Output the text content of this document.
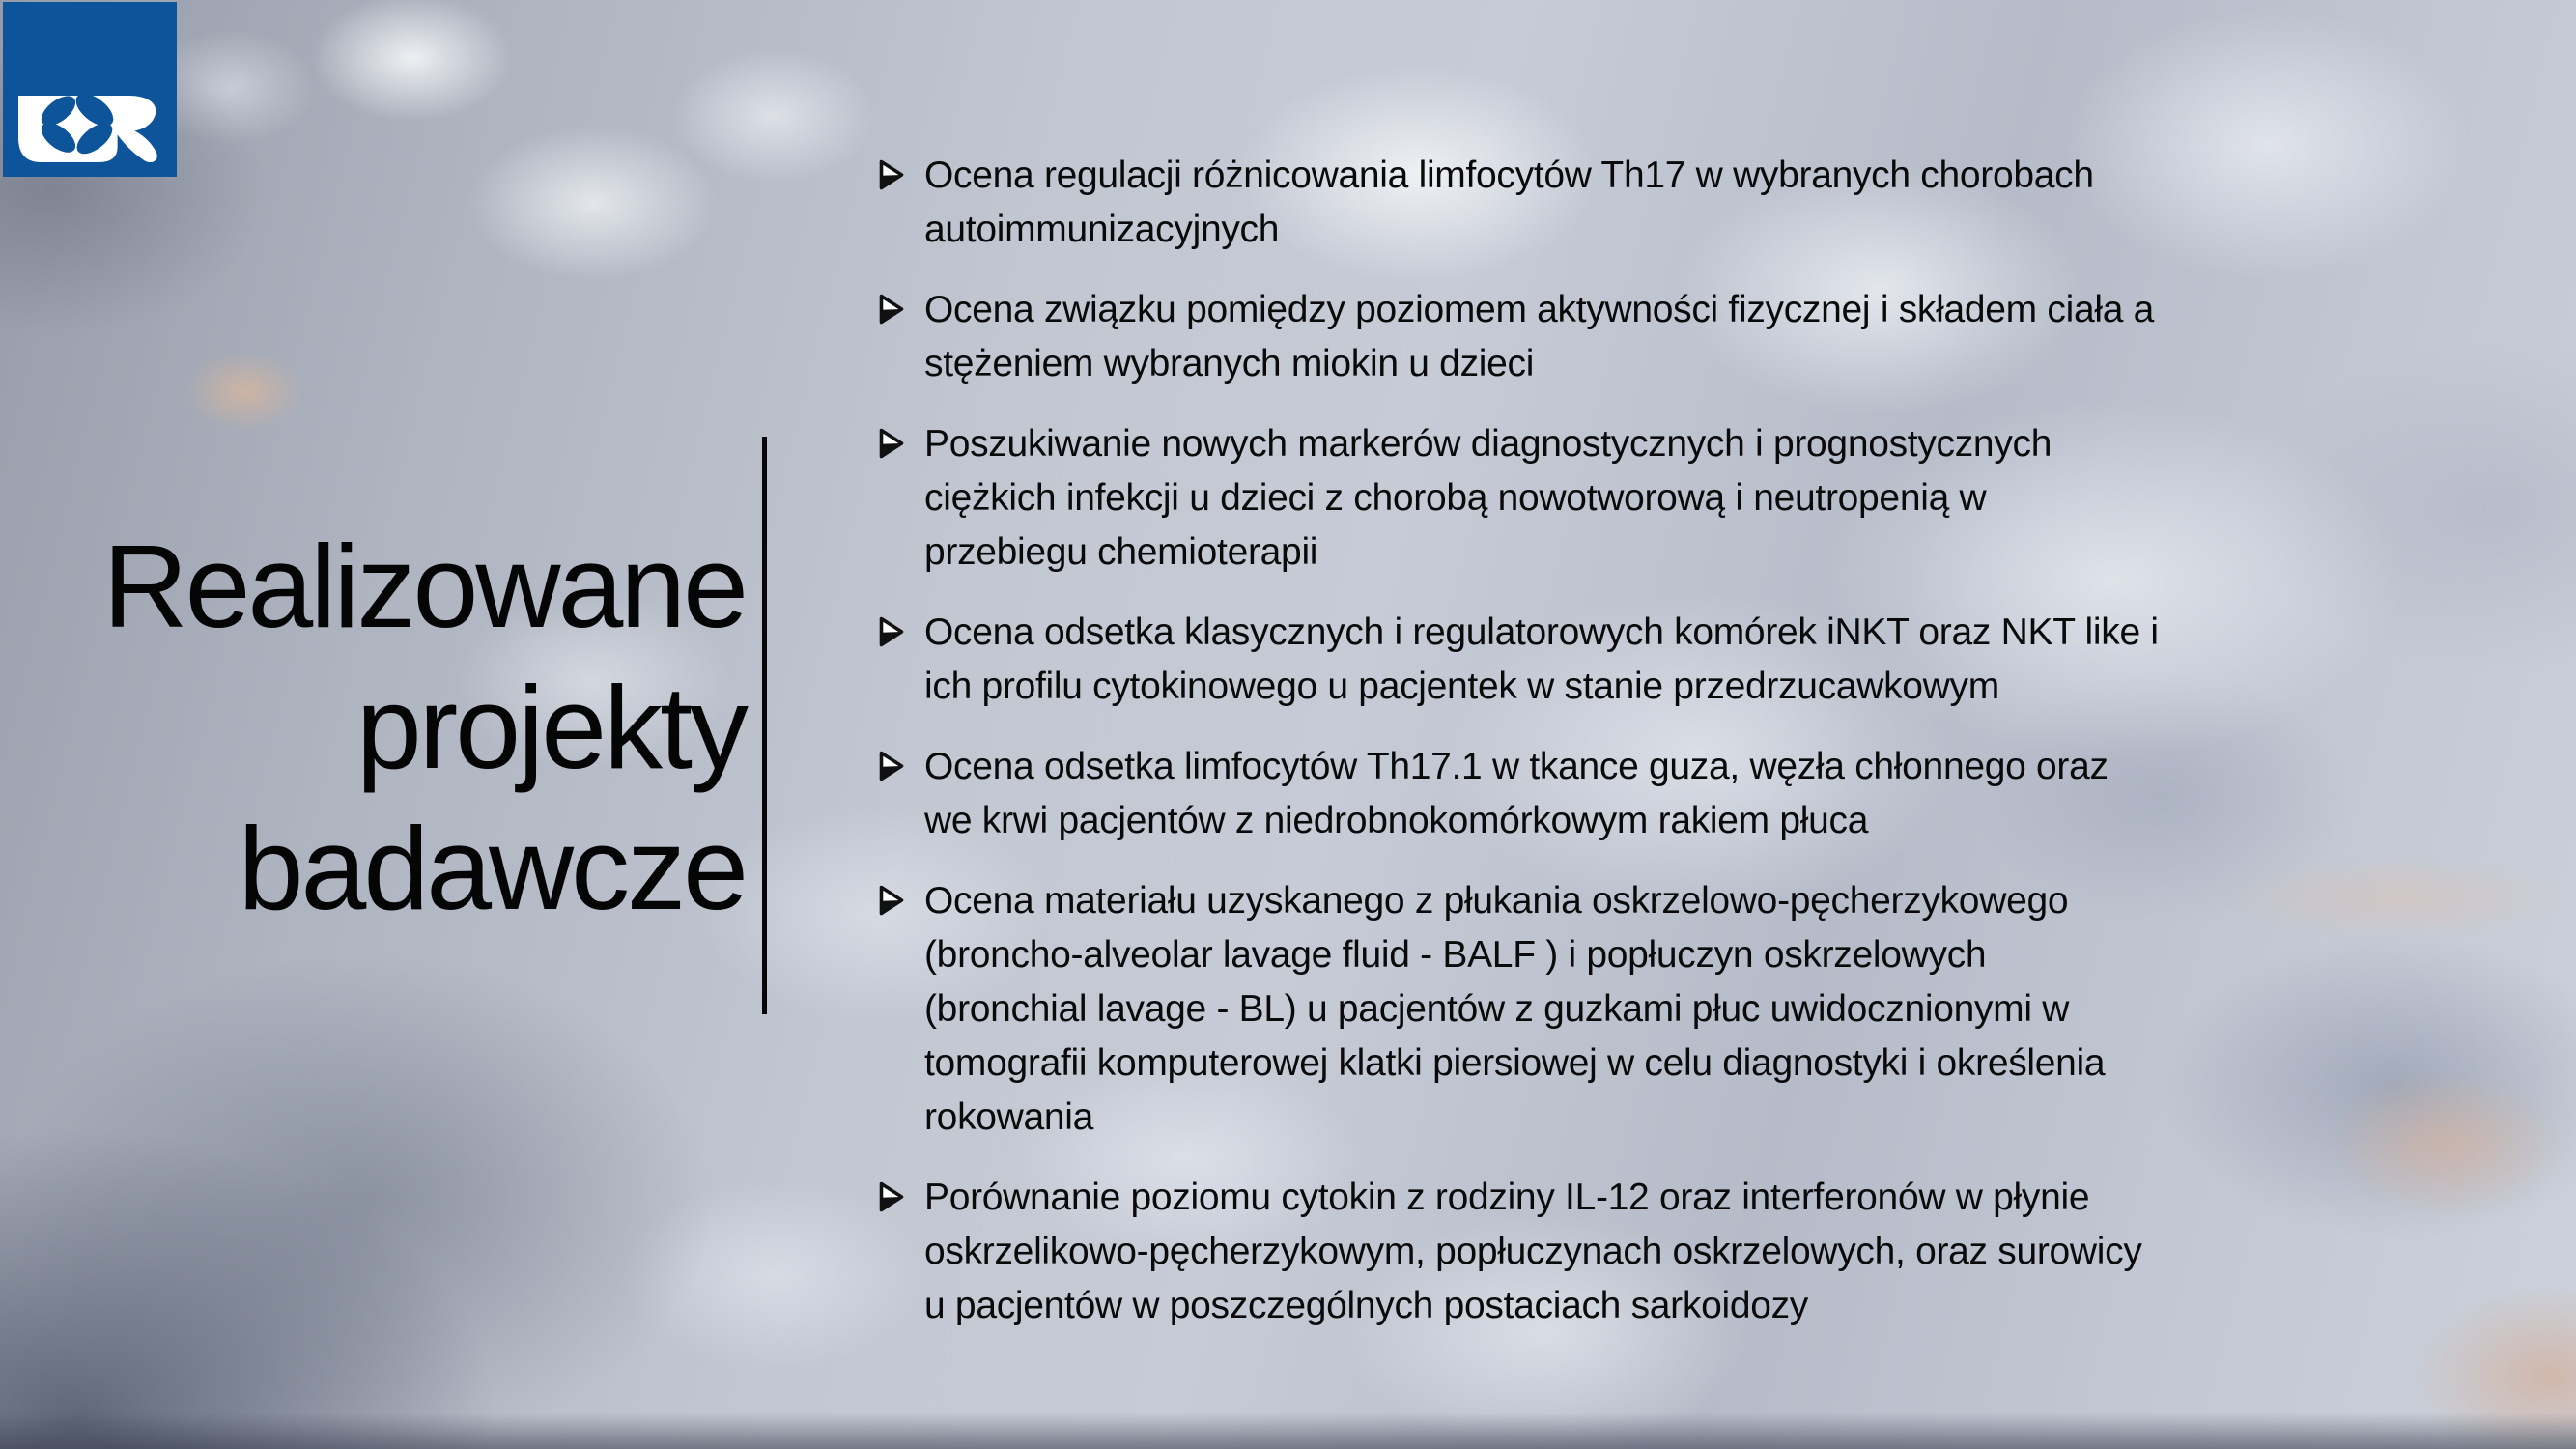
Realizowane
projekty
badawcze
Ocena regulacji różnicowania limfocytów Th17 w wybranych chorobach
autoimmunizacyjnych
Ocena związku pomiędzy poziomem aktywności fizycznej i składem ciała a
stężeniem wybranych miokin u dzieci
Poszukiwanie nowych markerów diagnostycznych i prognostycznych
ciężkich infekcji u dzieci z chorobą nowotworową i neutropenią w
przebiegu chemioterapii
Ocena odsetka klasycznych i regulatorowych komórek iNKT oraz NKT like i
ich profilu cytokinowego u pacjentek w stanie przedrzucawkowym
Ocena odsetka limfocytów Th17.1 w tkance guza, węzła chłonnego oraz
we krwi pacjentów z niedrobnokomórkowym rakiem płuca
Ocena materiału uzyskanego z płukania oskrzelowo-pęcherzykowego
(broncho-alveolar lavage fluid - BALF ) i popłuczyn oskrzelowych
(bronchial lavage - BL) u pacjentów z guzkami płuc uwidocznionymi w
tomografii komputerowej klatki piersiowej w celu diagnostyki i określenia
rokowania
Porównanie poziomu cytokin z rodziny IL-12 oraz interferonów w płynie
oskrzelikowo-pęcherzykowym, popłuczynach oskrzelowych, oraz surowicy
u pacjentów w poszczególnych postaciach sarkoidozy
